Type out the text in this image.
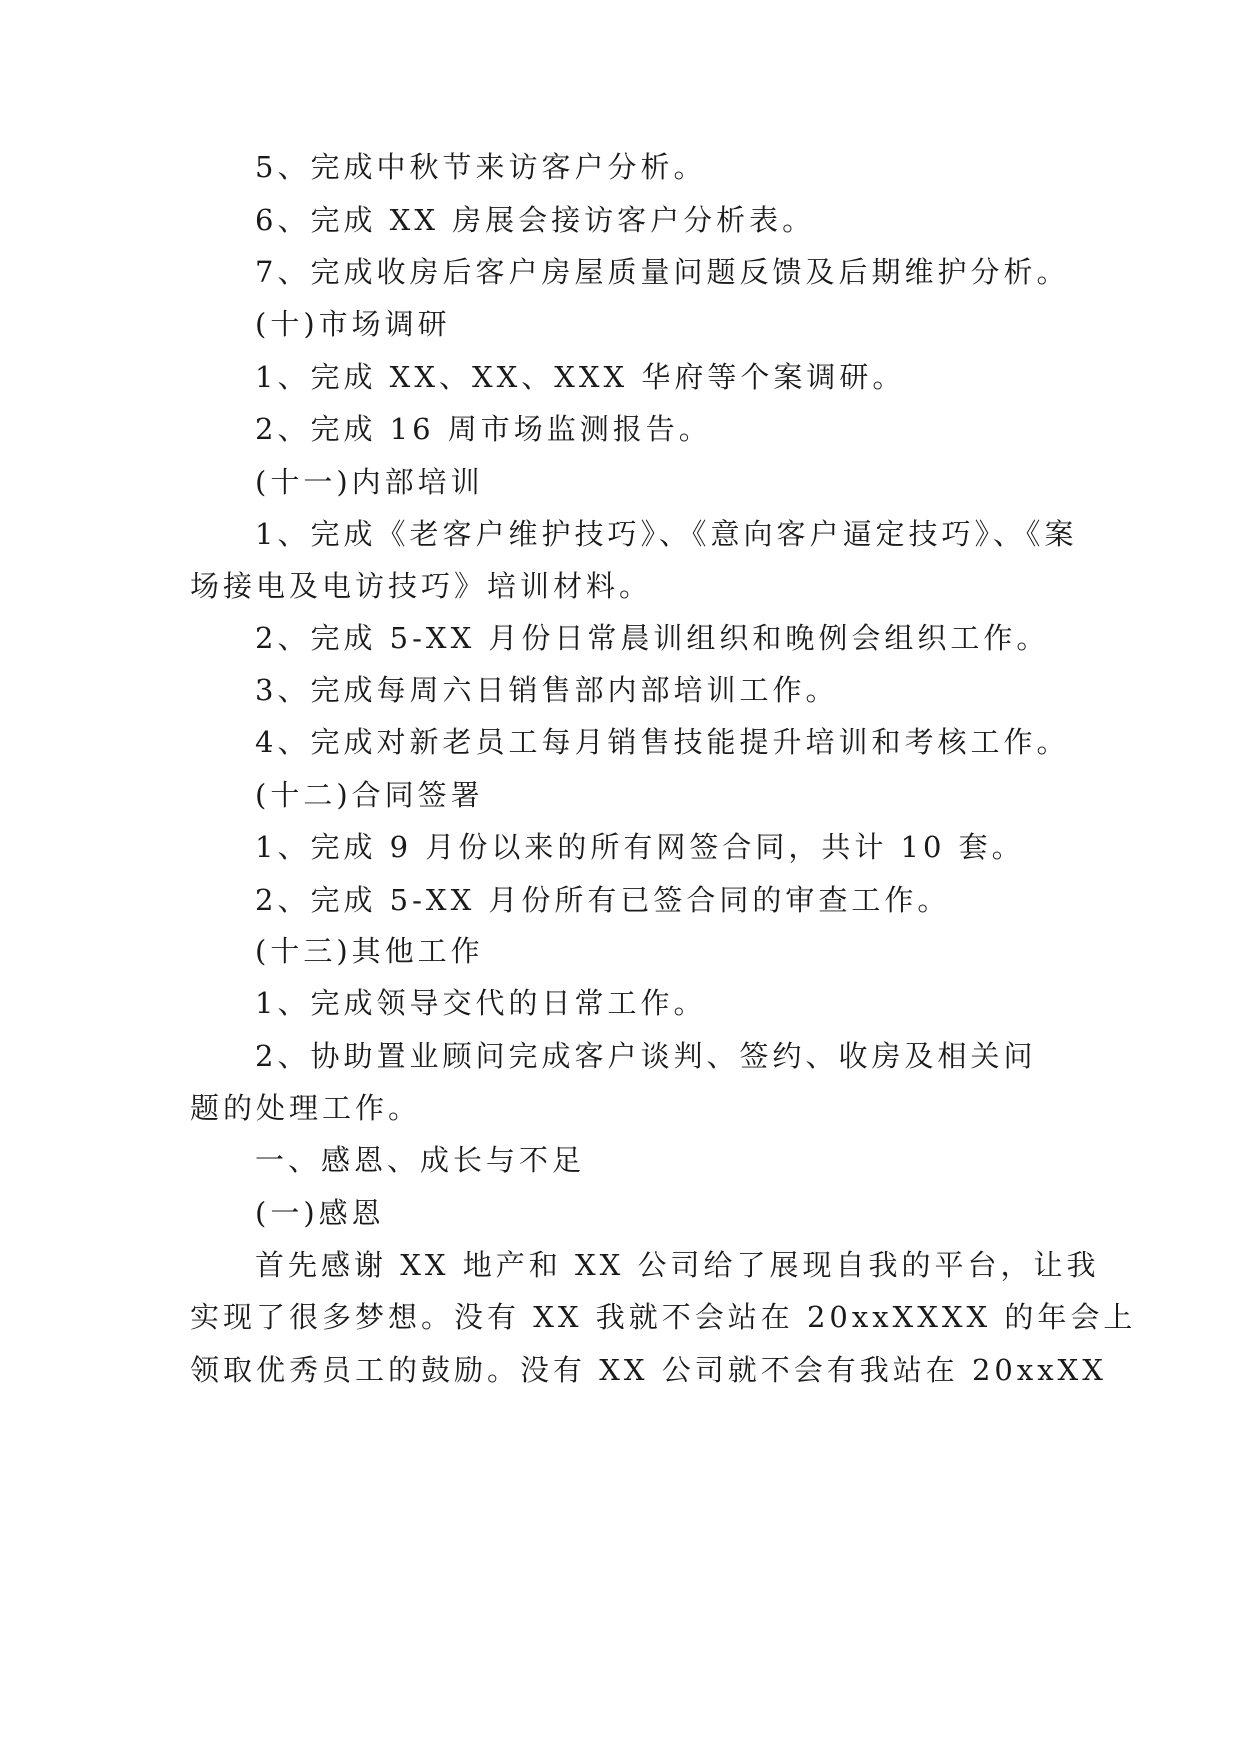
5、完成中秋节来访客户分析。
6、完成 XX 房展会接访客户分析表。
7、完成收房后客户房屋质量问题反馈及后期维护分析。
(十)市场调研
1、完成 XX、XX、XXX 华府等个案调研。
2、完成 16 周市场监测报告。
(十一)内部培训
1、完成《老客户维护技巧》、《意向客户逼定技巧》、《案
场接电及电访技巧》培训材料。
2、完成 5-XX 月份日常晨训组织和晚例会组织工作。
3、完成每周六日销售部内部培训工作。
4、完成对新老员工每月销售技能提升培训和考核工作。
(十二)合同签署
1、完成 9 月份以来的所有网签合同，共计 10 套。
2、完成 5-XX 月份所有已签合同的审查工作。
(十三)其他工作
1、完成领导交代的日常工作。
2、协助置业顾问完成客户谈判、签约、收房及相关问
题的处理工作。
一、感恩、成长与不足
(一)感恩
首先感谢 XX 地产和 XX 公司给了展现自我的平台，让我
实现了很多梦想。没有 XX 我就不会站在 20xxXXXX 的年会上
领取优秀员工的鼓励。没有 XX 公司就不会有我站在 20xxXX
